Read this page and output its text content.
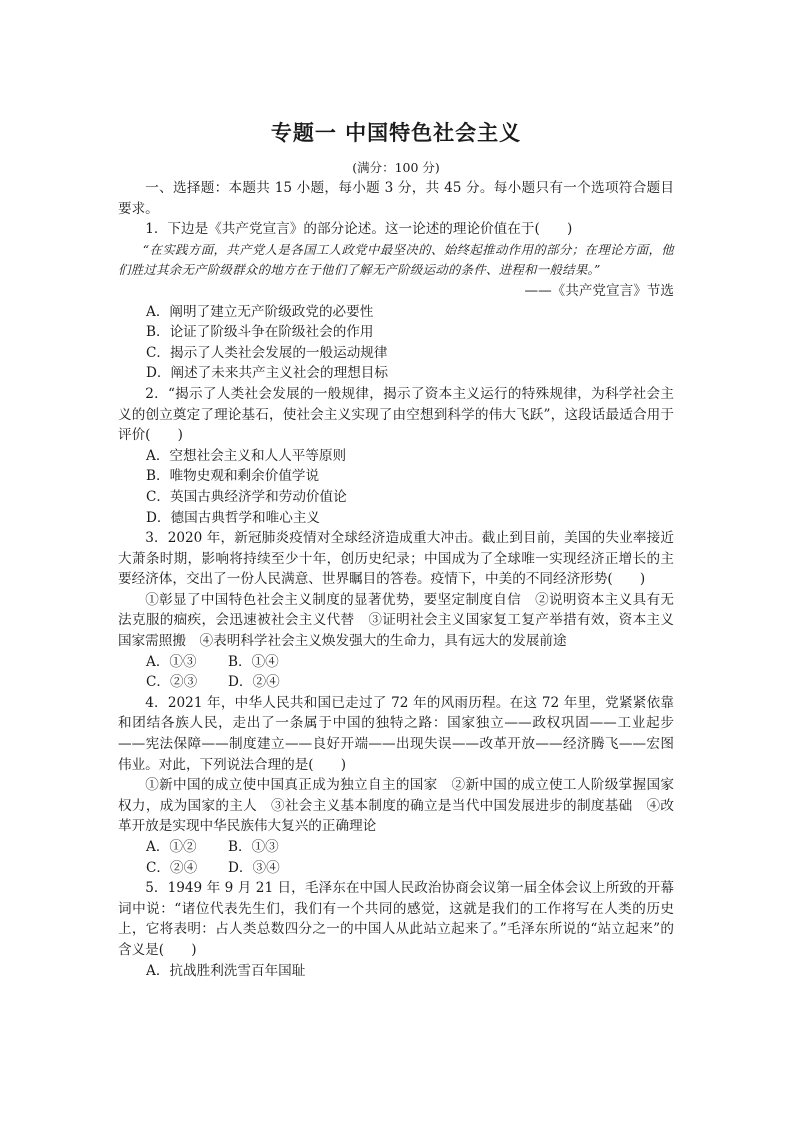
专题一 中国特色社会主义
(满分：100 分)

一、选择题：本题共 15 小题，每小题 3 分，共 45 分。每小题只有一个选项符合题目要求。

1．下边是《共产党宣言》的部分论述。这一论述的理论价值在于(　　)

“在实践方面，共产党人是各国工人政党中最坚决的、始终起推动作用的部分；在理论方面，他们胜过其余无产阶级群众的地方在于他们了解无产阶级运动的条件、进程和一般结果。”

——《共产党宣言》节选

A．阐明了建立无产阶级政党的必要性

B．论证了阶级斗争在阶级社会的作用

C．揭示了人类社会发展的一般运动规律

D．阐述了未来共产主义社会的理想目标

2．“揭示了人类社会发展的一般规律，揭示了资本主义运行的特殊规律，为科学社会主义的创立奠定了理论基石，使社会主义实现了由空想到科学的伟大飞跃”，这段话最适合用于评价(　　)

A．空想社会主义和人人平等原则

B．唯物史观和剩余价值学说

C．英国古典经济学和劳动价值论

D．德国古典哲学和唯心主义

3．2020 年，新冠肺炎疫情对全球经济造成重大冲击。截止到目前，美国的失业率接近大萧条时期，影响将持续至少十年，创历史纪录；中国成为了全球唯一实现经济正增长的主要经济体，交出了一份人民满意、世界瞩目的答卷。疫情下，中美的不同经济形势(　　)

①彰显了中国特色社会主义制度的显著优势，要坚定制度自信　②说明资本主义具有无法克服的痼疾，会迅速被社会主义代替　③证明社会主义国家复工复产举措有效，资本主义国家需照搬　④表明科学社会主义焕发强大的生命力，具有远大的发展前途

A．①③ B．①④

C．②③ D．②④

4．2021 年，中华人民共和国已走过了 72 年的风雨历程。在这 72 年里，党紧紧依靠和团结各族人民，走出了一条属于中国的独特之路：国家独立——政权巩固——工业起步——宪法保障——制度建立——良好开端——出现失误——改革开放——经济腾飞——宏图伟业。对此，下列说法合理的是(　　)

①新中国的成立使中国真正成为独立自主的国家　②新中国的成立使工人阶级掌握国家权力，成为国家的主人　③社会主义基本制度的确立是当代中国发展进步的制度基础　④改革开放是实现中华民族伟大复兴的正确理论

A．①② B．①③

C．②④ D．③④

5．1949 年 9 月 21 日，毛泽东在中国人民政治协商会议第一届全体会议上所致的开幕词中说：“诸位代表先生们，我们有一个共同的感觉，这就是我们的工作将写在人类的历史上，它将表明：占人类总数四分之一的中国人从此站立起来了。”毛泽东所说的“站立起来”的含义是(　　)

A．抗战胜利洗雪百年国耻
